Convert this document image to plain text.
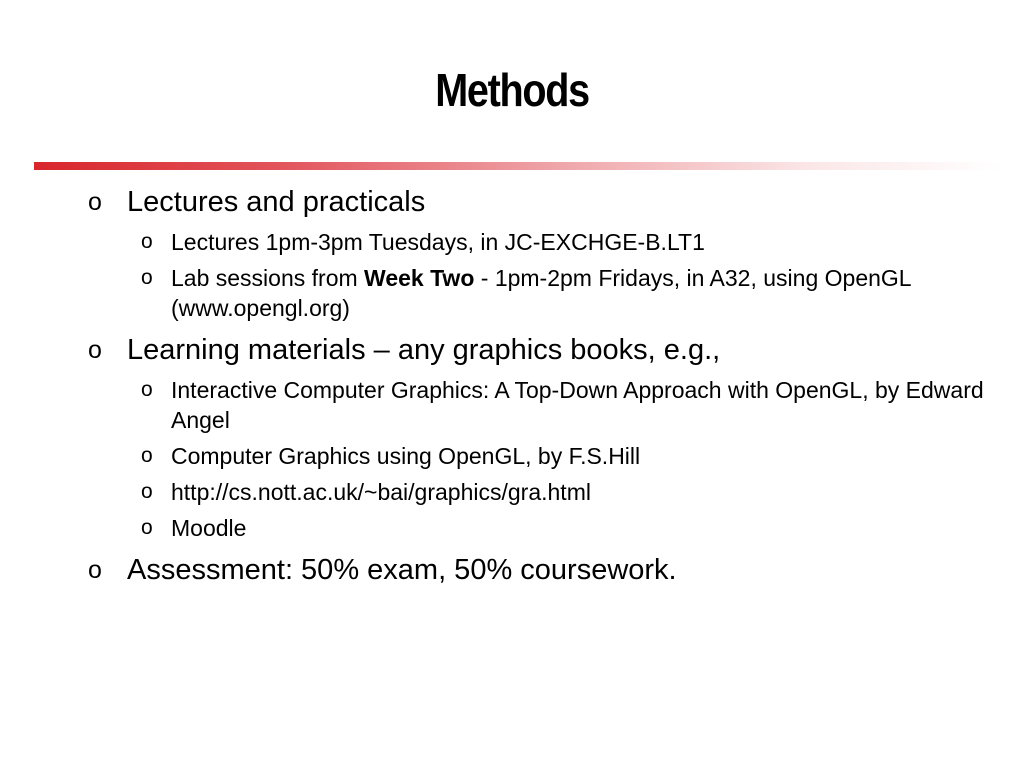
Methods
o Lectures and practicals
o Lectures 1pm-3pm Tuesdays, in JC-EXCHGE-B.LT1
o Lab sessions from Week Two - 1pm-2pm Fridays, in A32, using OpenGL (www.opengl.org)
o Learning materials – any graphics books, e.g.,
o Interactive Computer Graphics: A Top-Down Approach with OpenGL, by Edward Angel
o Computer Graphics using OpenGL, by F.S.Hill
o http://cs.nott.ac.uk/~bai/graphics/gra.html
o Moodle
o Assessment: 50% exam, 50% coursework.
